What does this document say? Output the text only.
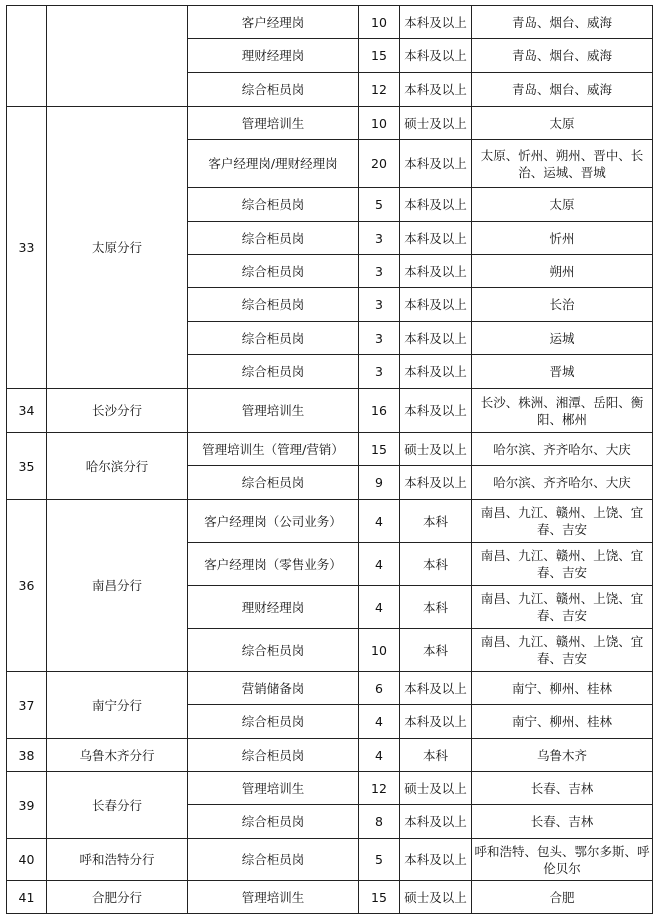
		客户经理岗	10	本科及以上	青岛、烟台、威海
		理财经理岗	15	本科及以上	青岛、烟台、威海
		综合柜员岗	12	本科及以上	青岛、烟台、威海
33	太原分行	管理培训生	10	硕士及以上	太原
		客户经理岗/理财经理岗	20	本科及以上	太原、忻州、朔州、晋中、长治、运城、晋城
		综合柜员岗	5	本科及以上	太原
		综合柜员岗	3	本科及以上	忻州
		综合柜员岗	3	本科及以上	朔州
		综合柜员岗	3	本科及以上	长治
		综合柜员岗	3	本科及以上	运城
		综合柜员岗	3	本科及以上	晋城
34	长沙分行	管理培训生	16	本科及以上	长沙、株洲、湘潭、岳阳、衡阳、郴州
35	哈尔滨分行	管理培训生（管理/营销）	15	硕士及以上	哈尔滨、齐齐哈尔、大庆
		综合柜员岗	9	本科及以上	哈尔滨、齐齐哈尔、大庆
36	南昌分行	客户经理岗（公司业务）	4	本科	南昌、九江、赣州、上饶、宜春、吉安
		客户经理岗（零售业务）	4	本科	南昌、九江、赣州、上饶、宜春、吉安
		理财经理岗	4	本科	南昌、九江、赣州、上饶、宜春、吉安
		综合柜员岗	10	本科	南昌、九江、赣州、上饶、宜春、吉安
37	南宁分行	营销储备岗	6	本科及以上	南宁、柳州、桂林
		综合柜员岗	4	本科及以上	南宁、柳州、桂林
38	乌鲁木齐分行	综合柜员岗	4	本科	乌鲁木齐
39	长春分行	管理培训生	12	硕士及以上	长春、吉林
		综合柜员岗	8	本科及以上	长春、吉林
40	呼和浩特分行	综合柜员岗	5	本科及以上	呼和浩特、包头、鄂尔多斯、呼伦贝尔
41	合肥分行	管理培训生	15	硕士及以上	合肥
